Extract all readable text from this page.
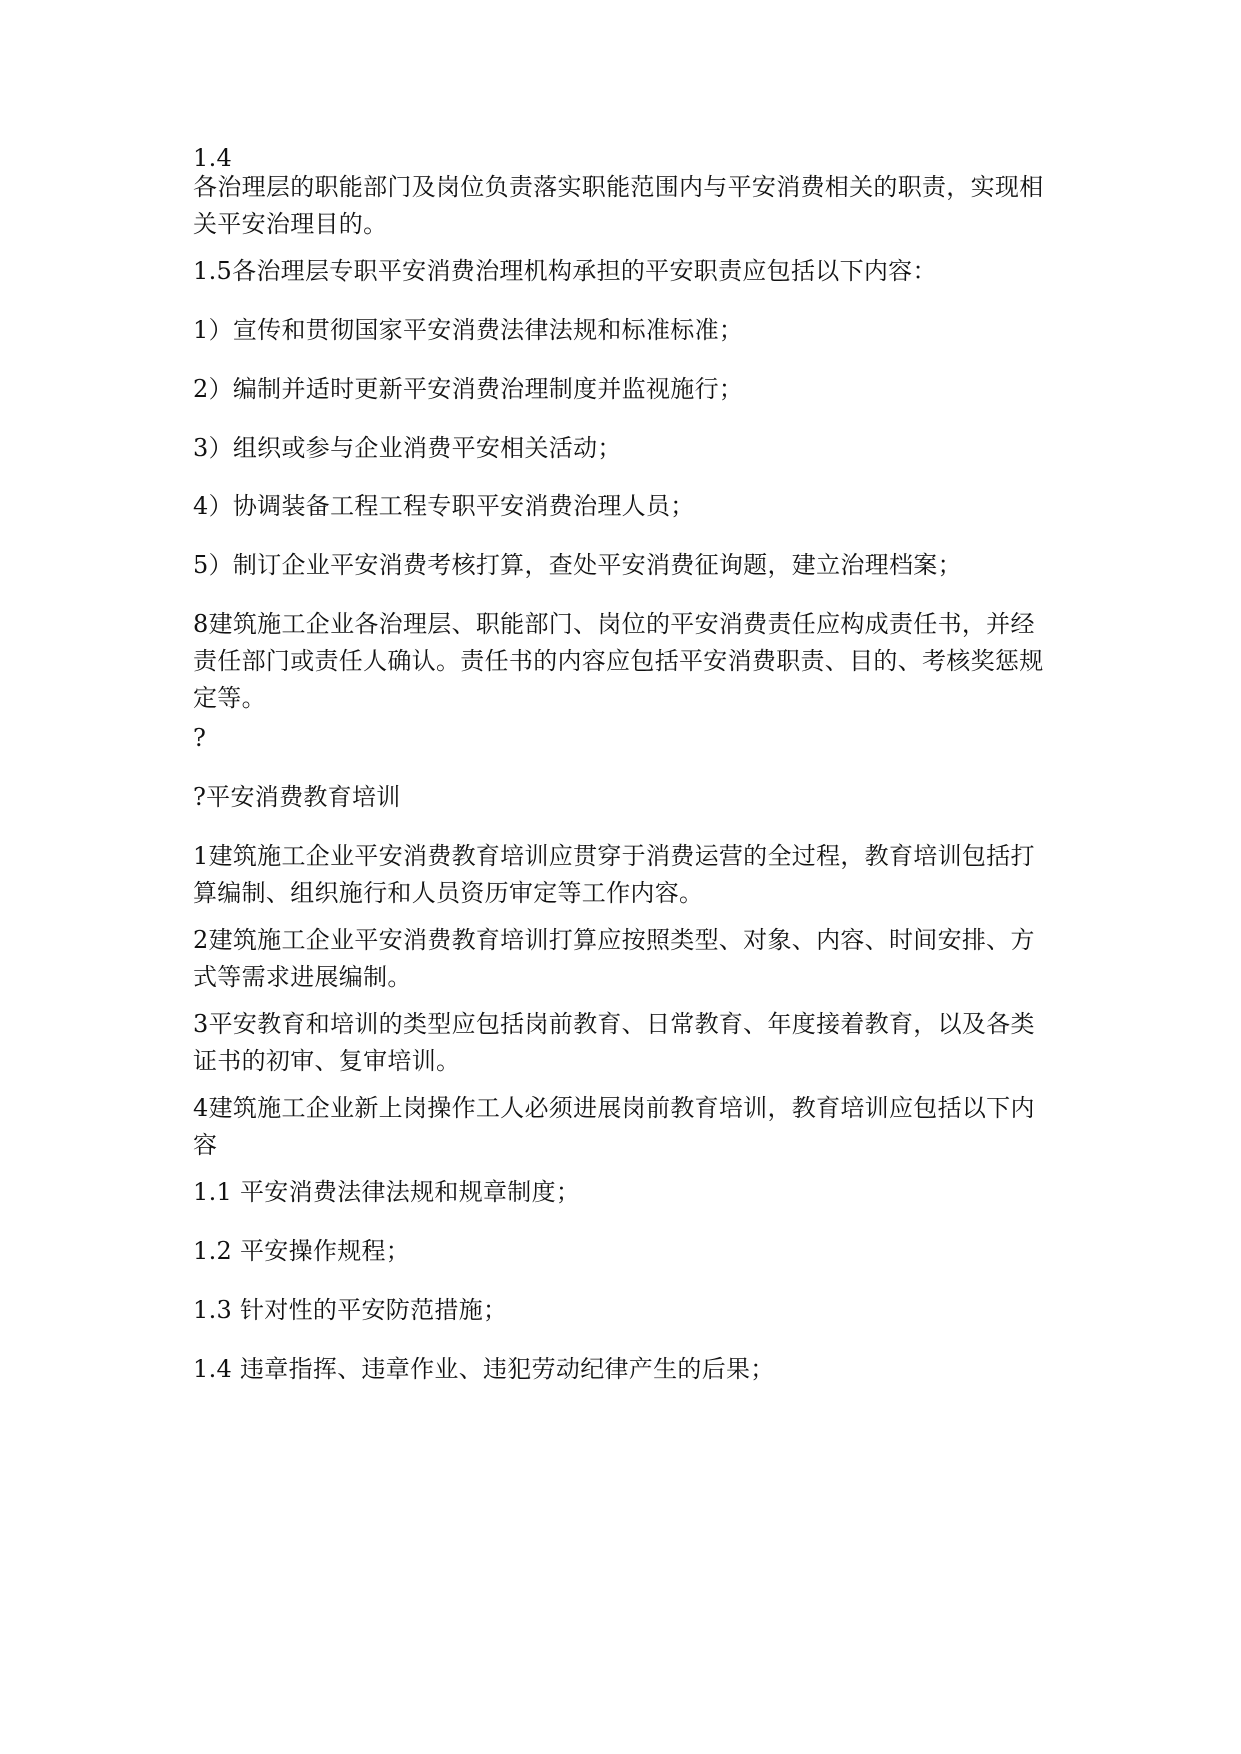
1.4
各治理层的职能部门及岗位负责落实职能范围内与平安消费相关的职责，实现相关平安治理目的。
1.5各治理层专职平安消费治理机构承担的平安职责应包括以下内容：
1）宣传和贯彻国家平安消费法律法规和标准标准；
2）编制并适时更新平安消费治理制度并监视施行；
3）组织或参与企业消费平安相关活动；
4）协调装备工程工程专职平安消费治理人员；
5）制订企业平安消费考核打算，查处平安消费征询题，建立治理档案；
8建筑施工企业各治理层、职能部门、岗位的平安消费责任应构成责任书，并经责任部门或责任人确认。责任书的内容应包括平安消费职责、目的、考核奖惩规定等。
?
?平安消费教育培训
1建筑施工企业平安消费教育培训应贯穿于消费运营的全过程，教育培训包括打算编制、组织施行和人员资历审定等工作内容。
2建筑施工企业平安消费教育培训打算应按照类型、对象、内容、时间安排、方式等需求进展编制。
3平安教育和培训的类型应包括岗前教育、日常教育、年度接着教育，以及各类证书的初审、复审培训。
4建筑施工企业新上岗操作工人必须进展岗前教育培训，教育培训应包括以下内容
1.1 平安消费法律法规和规章制度；
1.2 平安操作规程；
1.3 针对性的平安防范措施；
1.4 违章指挥、违章作业、违犯劳动纪律产生的后果；
